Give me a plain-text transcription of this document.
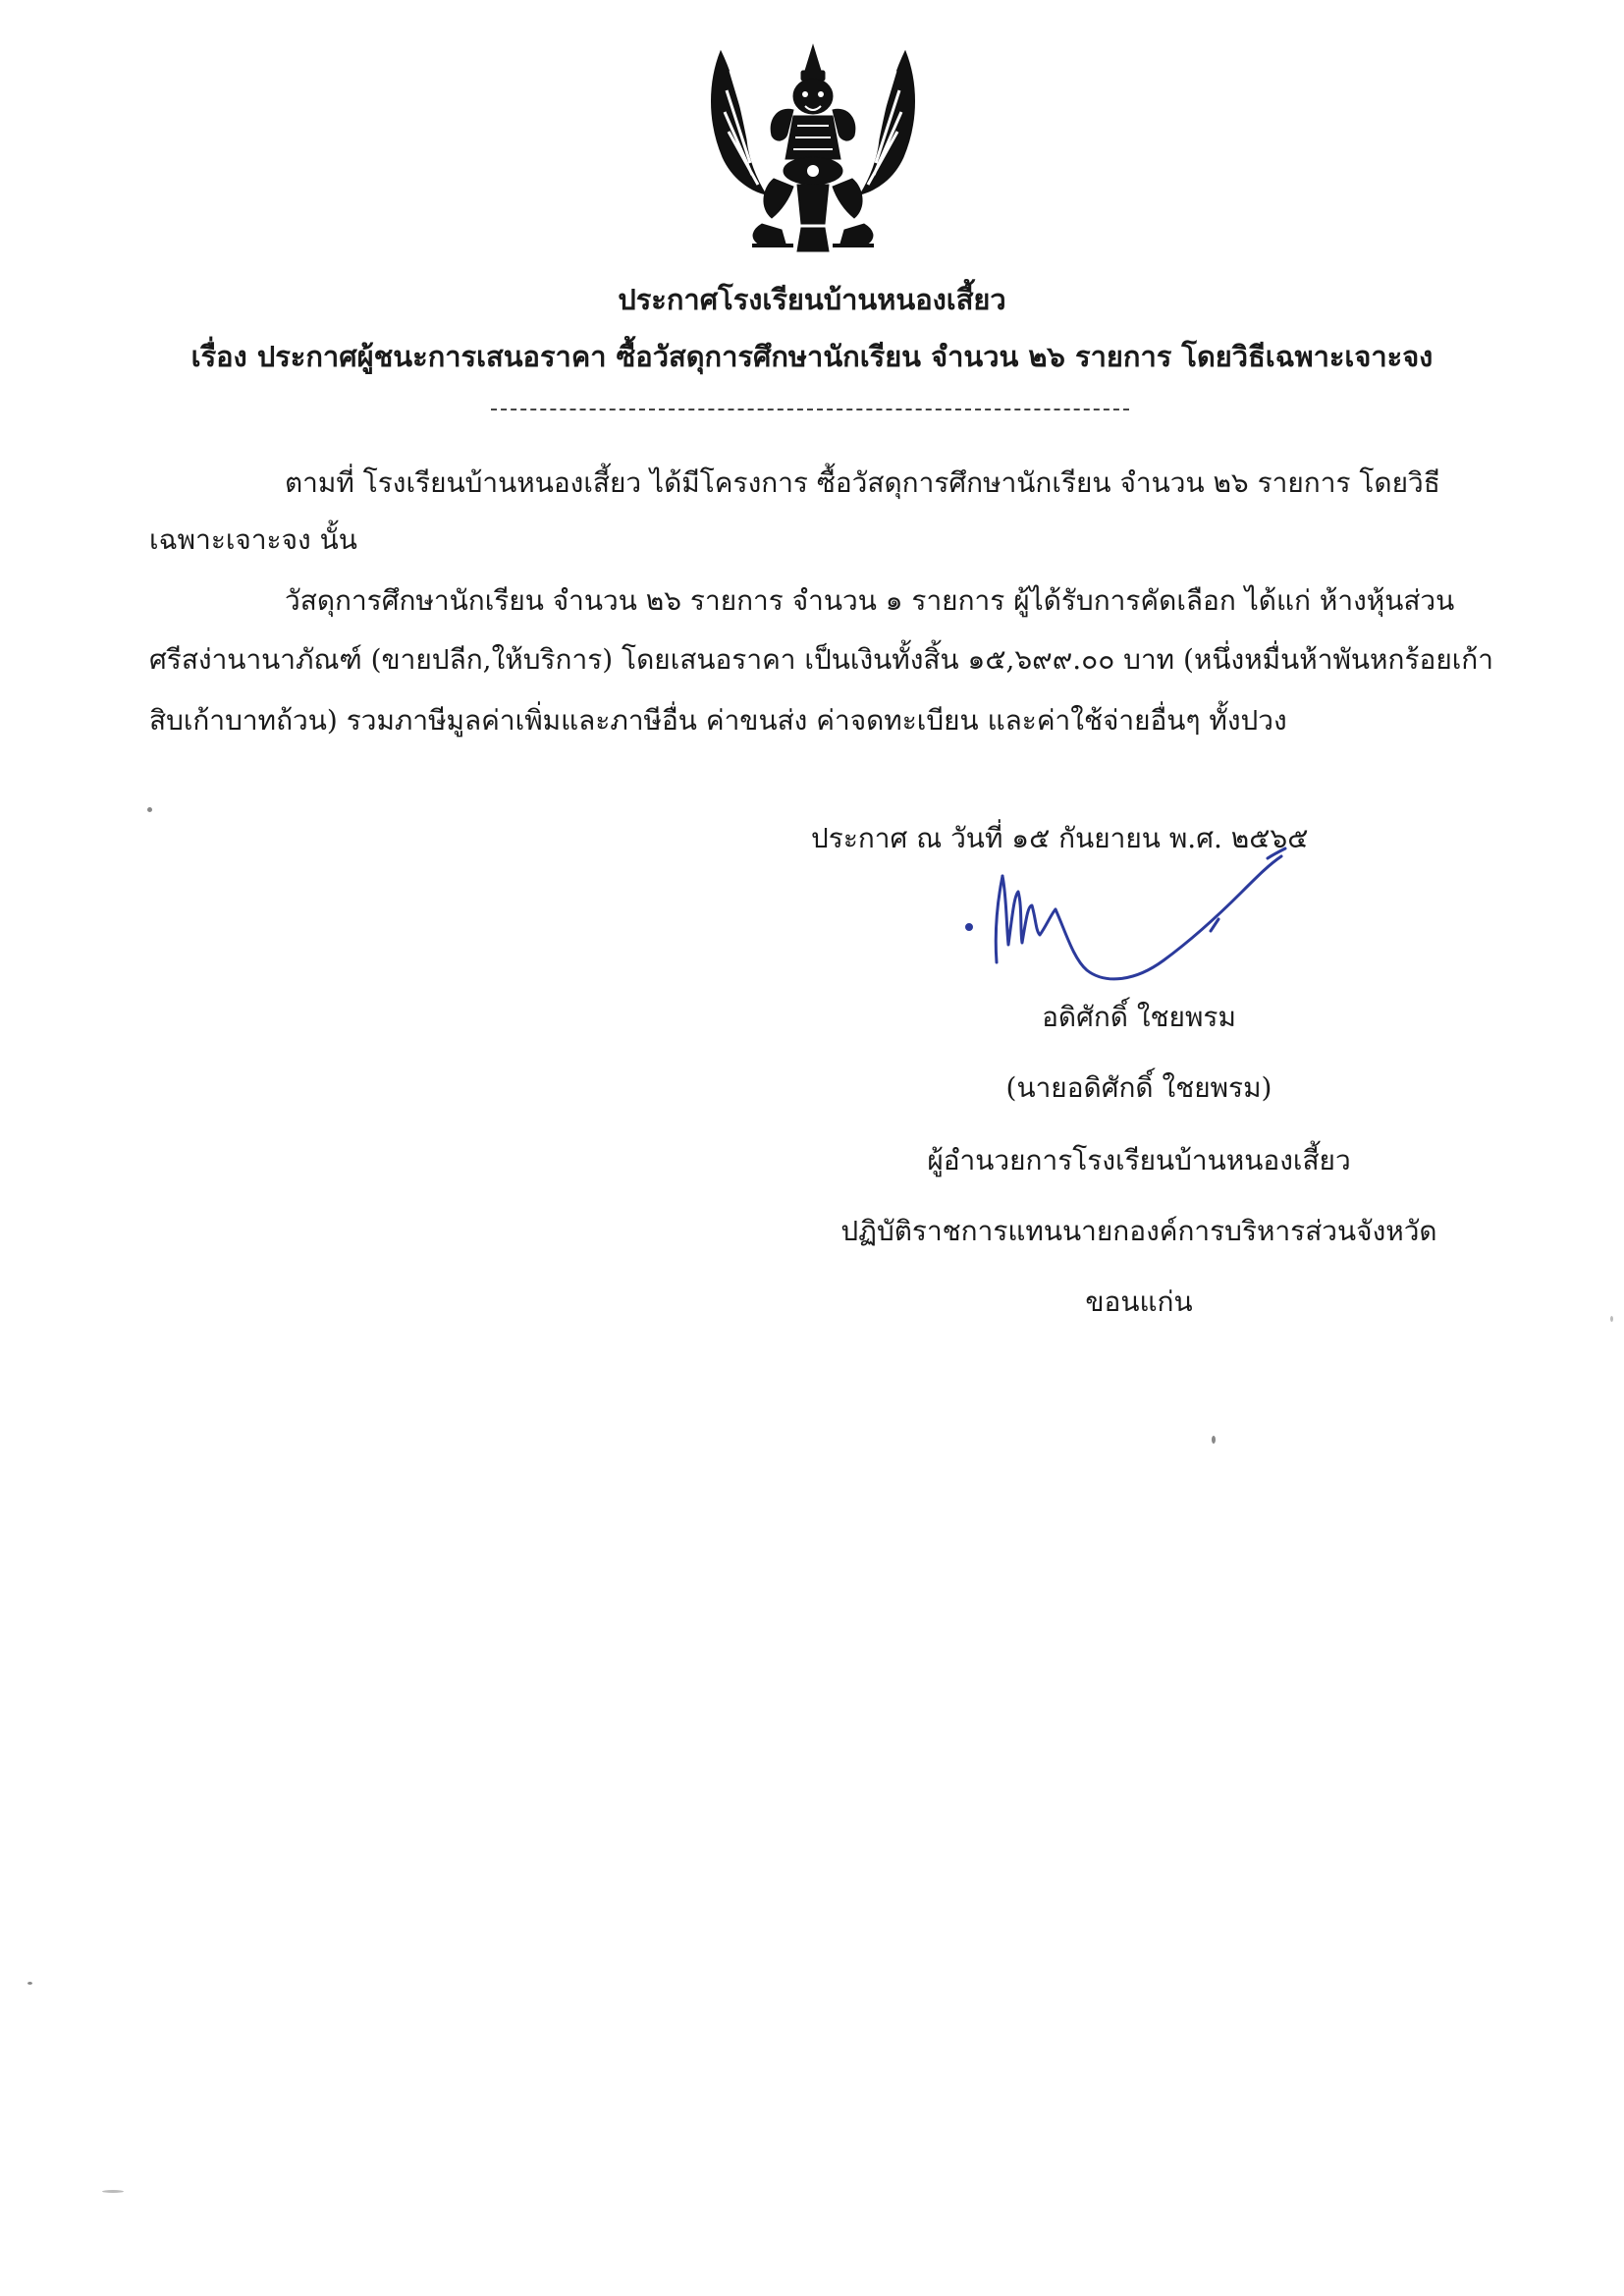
ประกาศโรงเรียนบ้านหนองเสี้ยว
เรื่อง ประกาศผู้ชนะการเสนอราคา ซื้อวัสดุการศึกษานักเรียน จำนวน ๒๖ รายการ โดยวิธีเฉพาะเจาะจง
ตามที่ โรงเรียนบ้านหนองเสี้ยว ได้มีโครงการ ซื้อวัสดุการศึกษานักเรียน จำนวน ๒๖ รายการ โดยวิธี
เฉพาะเจาะจง นั้น
วัสดุการศึกษานักเรียน จำนวน ๒๖ รายการ จำนวน ๑ รายการ ผู้ได้รับการคัดเลือก ได้แก่ ห้างหุ้นส่วน
ศรีสง่านานาภัณฑ์ (ขายปลีก,ให้บริการ) โดยเสนอราคา เป็นเงินทั้งสิ้น ๑๕,๖๙๙.๐๐ บาท (หนึ่งหมื่นห้าพันหกร้อยเก้า
สิบเก้าบาทถ้วน) รวมภาษีมูลค่าเพิ่มและภาษีอื่น ค่าขนส่ง ค่าจดทะเบียน และค่าใช้จ่ายอื่นๆ ทั้งปวง
ประกาศ ณ วันที่ ๑๕ กันยายน พ.ศ. ๒๕๖๕
อดิศักดิ์ ใชยพรม
(นายอดิศักดิ์ ใชยพรม)
ผู้อำนวยการโรงเรียนบ้านหนองเสี้ยว
ปฏิบัติราชการแทนนายกองค์การบริหารส่วนจังหวัด
ขอนแก่น
